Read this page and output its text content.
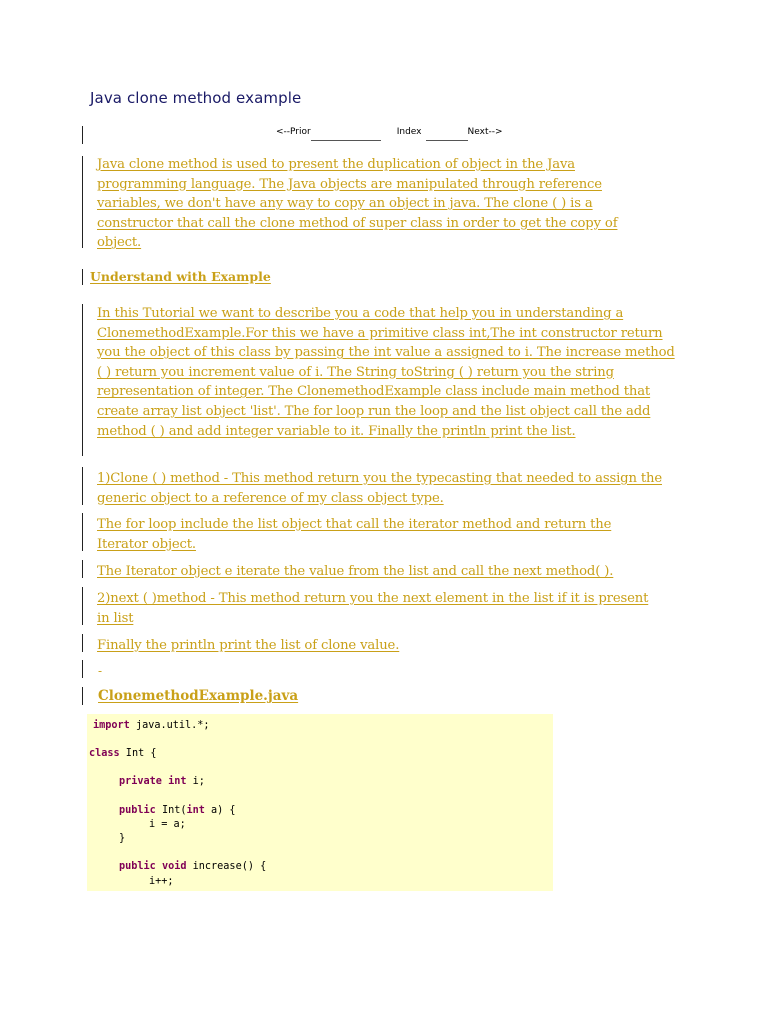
Java clone method example
<--Prior	Index	Next-->

Java clone method is used to present the duplication of object in the Java programming language. The Java objects are manipulated through reference variables, we don't have any way to copy an object in java. The clone ( ) is a constructor that call the clone method of super class in order to get the copy of object.

Understand with Example

In this Tutorial we want to describe you a code that help you in understanding a ClonemethodExample.For this we have a primitive class int,The int constructor return you the object of this class by passing the int value a assigned to i. The increase method ( ) return you increment value of i. The String toString ( ) return you the string representation of integer. The ClonemethodExample class include main method that create array list object 'list'. The for loop run the loop and the list object call the add method ( ) and add integer variable to it. Finally the println print the list.

1)Clone ( ) method - This method return you the typecasting that needed to assign the generic object to a reference of my class object type.

The for loop include the list object that call the iterator method and return the Iterator object.

The Iterator object e iterate the value from the list and call the next method( ).

2)next ( )method - This method return you the next element in the list if it is present in list

Finally the println print the list of clone value.

-
ClonemethodExample.java
import java.util.*;
class Int {
private int i;
public Int(int a) {
i = a;
}
public void increase() {
i++;
